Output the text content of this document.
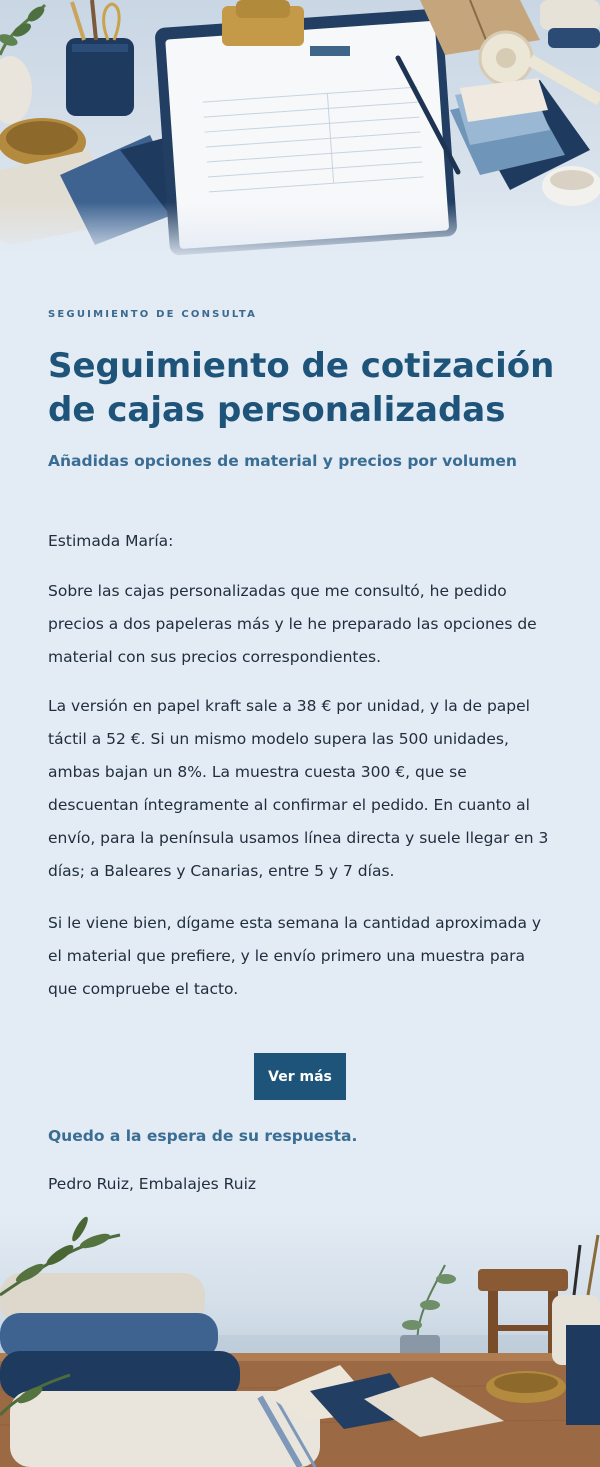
SEGUIMIENTO DE CONSULTA
Seguimiento de cotización de cajas personalizadas

Añadidas opciones de material y precios por volumen

Estimada María:

Sobre las cajas personalizadas que me consultó, he pedido precios a dos papeleras más y le he preparado las opciones de material con sus precios correspondientes.

La versión en papel kraft sale a 38 € por unidad, y la de papel táctil a 52 €. Si un mismo modelo supera las 500 unidades, ambas bajan un 8%. La muestra cuesta 300 €, que se descuentan íntegramente al confirmar el pedido. En cuanto al envío, para la península usamos línea directa y suele llegar en 3 días; a Baleares y Canarias, entre 5 y 7 días.

Si le viene bien, dígame esta semana la cantidad aproximada y el material que prefiere, y le envío primero una muestra para que compruebe el tacto.

Ver más

Quedo a la espera de su respuesta.

Pedro Ruiz, Embalajes Ruiz
